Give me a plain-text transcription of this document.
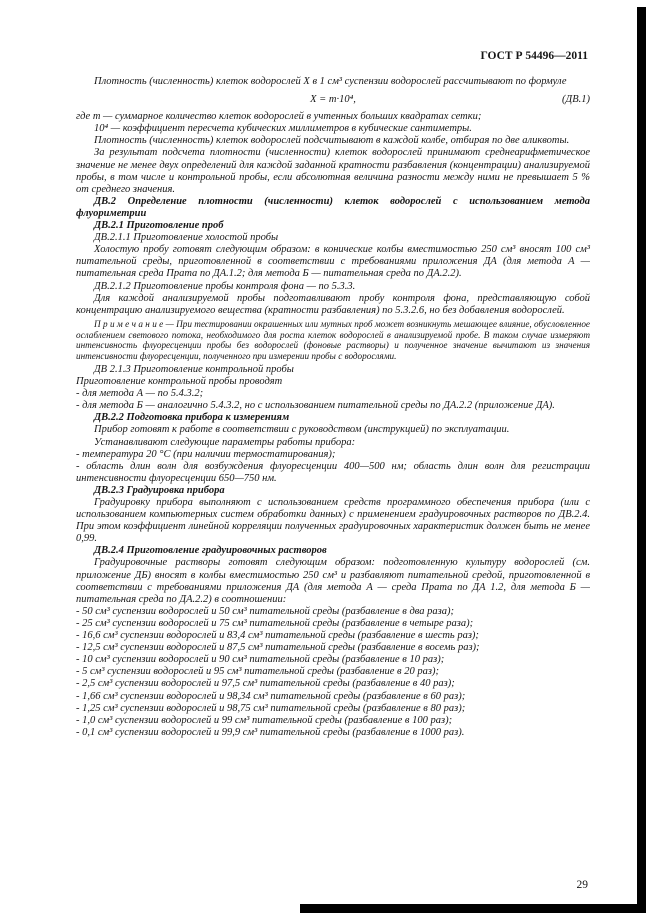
ГОСТ Р 54496—2011

Плотность (численность) клеток водорослей X в 1 см³ суспензии водорослей рассчитывают по формуле

X = m·10⁴,	(ДВ.1)

где m — суммарное количество клеток водорослей в учтенных больших квадратах сетки;

10⁴ — коэффициент пересчета кубических миллиметров в кубические сантиметры.

Плотность (численность) клеток водорослей подсчитывают в каждой колбе, отбирая по две аликвоты.

За результат подсчета плотности (численности) клеток водорослей принимают среднеарифметическое значение не менее двух определений для каждой заданной кратности разбавления (концентрации) анализируемой пробы, в том числе и контрольной пробы, если абсолютная величина разности между ними не превышает 5 % от среднего значения.

ДВ.2 Определение плотности (численности) клеток водорослей с использованием метода флуориметрии

ДВ.2.1 Приготовление проб

ДВ.2.1.1 Приготовление холостой пробы

Холостую пробу готовят следующим образом: в конические колбы вместимостью 250 см³ вносят 100 см³ питательной среды, приготовленной в соответствии с требованиями приложения ДА (для метода А — питательная среда Прата по ДА.1.2; для метода Б — питательная среда по ДА.2.2).

ДВ.2.1.2 Приготовление пробы контроля фона — по 5.3.3.

Для каждой анализируемой пробы подготавливают пробу контроля фона, представляющую собой концентрацию анализируемого вещества (кратности разбавления) по 5.3.2.6, но без добавления водорослей.

П р и м е ч а н и е — При тестировании окрашенных или мутных проб может возникнуть мешающее влияние, обусловленное ослаблением светового потока, необходимого для роста клеток водорослей в анализируемой пробе. В таком случае измеряют интенсивность флуоресценции пробы без водорослей (фоновые растворы) и полученное значение вычитают из значения интенсивности флуоресценции, полученного при измерении пробы с водорослями.

ДВ 2.1.3 Приготовление контрольной пробы

Приготовление контрольной пробы проводят

- для метода А — по 5.4.3.2;

- для метода Б — аналогично 5.4.3.2, но с использованием питательной среды по ДА.2.2 (приложение ДА).

ДВ.2.2 Подготовка прибора к измерениям

Прибор готовят к работе в соответствии с руководством (инструкцией) по эксплуатации.

Устанавливают следующие параметры работы прибора:

- температура 20 °C (при наличии термостатирования);

- область длин волн для возбуждения флуоресценции 400—500 нм; область длин волн для регистрации интенсивности флуоресценции 650—750 нм.

ДВ.2.3 Градуировка прибора

Градуировку прибора выполняют с использованием средств программного обеспечения прибора (или с использованием компьютерных систем обработки данных) с применением градуировочных растворов по ДВ.2.4. При этом коэффициент линейной корреляции полученных градуировочных характеристик должен быть не менее 0,99.

ДВ.2.4 Приготовление градуировочных растворов

Градуировочные растворы готовят следующим образом: подготовленную культуру водорослей (см. приложение ДБ) вносят в колбы вместимостью 250 см³ и разбавляют питательной средой, приготовленной в соответствии с требованиями приложения ДА (для метода А — среда Прата по ДА 1.2, для метода Б — питательная среда по ДА.2.2) в соотношении:

- 50 см³ суспензии водорослей и 50 см³ питательной среды (разбавление в два раза);

- 25 см³ суспензии водорослей и 75 см³ питательной среды (разбавление в четыре раза);

- 16,6 см³ суспензии водорослей и 83,4 см³ питательной среды (разбавление в шесть раз);

- 12,5 см³ суспензии водорослей и 87,5 см³ питательной среды (разбавление в восемь раз);

- 10 см³ суспензии водорослей и 90 см³ питательной среды (разбавление в 10 раз);

- 5 см³ суспензии водорослей и 95 см³ питательной среды (разбавление в 20 раз);

- 2,5 см³ суспензии водорослей и 97,5 см³ питательной среды (разбавление в 40 раз);

- 1,66 см³ суспензии водорослей и 98,34 см³ питательной среды (разбавление в 60 раз);

- 1,25 см³ суспензии водорослей и 98,75 см³ питательной среды (разбавление в 80 раз);

- 1,0 см³ суспензии водорослей и 99 см³ питательной среды (разбавление в 100 раз);

- 0,1 см³ суспензии водорослей и 99,9 см³ питательной среды (разбавление в 1000 раз).

29
